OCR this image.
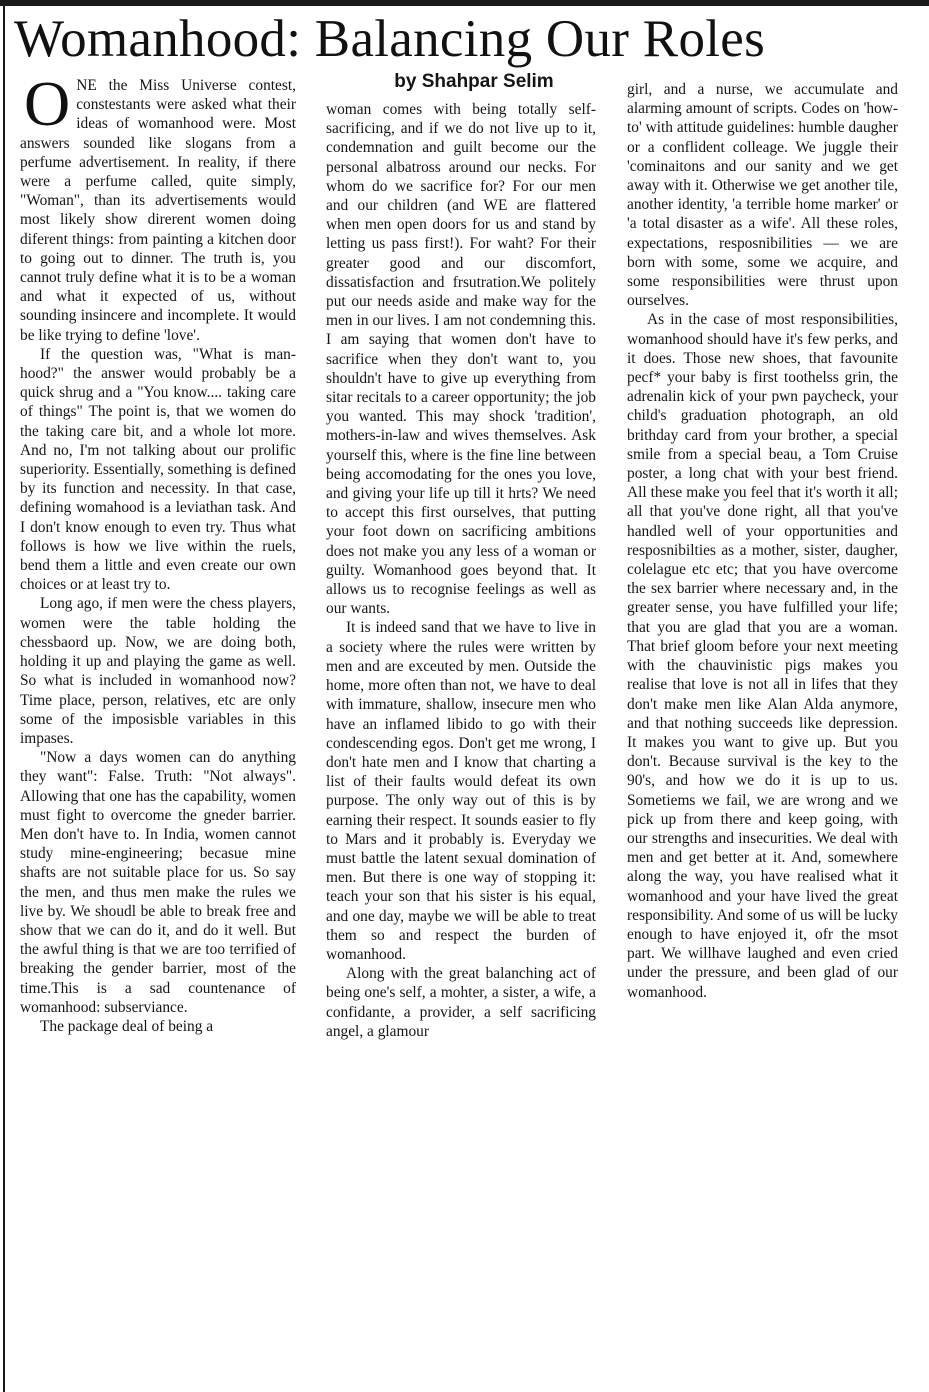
Womanhood: Balancing Our Roles
by Shahpar Selim

ONE the Miss Universe contest, constestants were asked what their ideas of womanhood were. Most answers sounded like slogans from a perfume advertisement. In reality, if there were a perfume called, quite simply, "Woman", than its advertisements would most likely show direrent women doing diferent things: from painting a kitchen door to going out to dinner. The truth is, you cannot truly define what it is to be a woman and what it expected of us, without sounding insincere and incomplete. It would be like trying to define 'love'.

If the question was, "What is man-hood?" the answer would probably be a quick shrug and a "You know.... taking care of things" The point is, that we women do the taking care bit, and a whole lot more. And no, I'm not talking about our prolific superiority. Essentially, something is defined by its function and necessity. In that case, defining womahood is a leviathan task. And I don't know enough to even try. Thus what follows is how we live within the ruels, bend them a little and even create our own choices or at least try to.

Long ago, if men were the chess players, women were the table holding the chessbaord up. Now, we are doing both, holding it up and playing the game as well. So what is included in womanhood now? Time place, person, relatives, etc are only some of the imposisble variables in this impases.

"Now a days women can do anything they want": False. Truth: "Not always". Allowing that one has the capability, women must fight to overcome the gneder barrier. Men don't have to. In India, women cannot study mine-engineering; becasue mine shafts are not suitable place for us. So say the men, and thus men make the rules we live by. We shoudl be able to break free and show that we can do it, and do it well. But the awful thing is that we are too terrified of breaking the gender barrier, most of the time.This is a sad countenance of womanhood: subserviance.

The package deal of being a

woman comes with being totally self-sacrificing, and if we do not live up to it, condemnation and guilt become our the personal albatross around our necks. For whom do we sacrifice for? For our men and our children (and WE are flattered when men open doors for us and stand by letting us pass first!). For waht? For their greater good and our discomfort, dissatisfaction and frsutration.We politely put our needs aside and make way for the men in our lives. I am not condemning this. I am saying that women don't have to sacrifice when they don't want to, you shouldn't have to give up everything from sitar recitals to a career opportunity; the job you wanted. This may shock 'tradition', mothers-in-law and wives themselves. Ask yourself this, where is the fine line between being accomodating for the ones you love, and giving your life up till it hrts? We need to accept this first ourselves, that putting your foot down on sacrificing ambitions does not make you any less of a woman or guilty. Womanhood goes beyond that. It allows us to recognise feelings as well as our wants.

It is indeed sand that we have to live in a society where the rules were written by men and are exceuted by men. Outside the home, more often than not, we have to deal with immature, shallow, insecure men who have an inflamed libido to go with their condescending egos. Don't get me wrong, I don't hate men and I know that charting a list of their faults would defeat its own purpose. The only way out of this is by earning their respect. It sounds easier to fly to Mars and it probably is. Everyday we must battle the latent sexual domination of men. But there is one way of stopping it: teach your son that his sister is his equal, and one day, maybe we will be able to treat them so and respect the burden of womanhood.

Along with the great balanching act of being one's self, a mohter, a sister, a wife, a confidante, a provider, a self sacrificing angel, a glamour

girl, and a nurse, we accumulate and alarming amount of scripts. Codes on 'how-to' with attitude guidelines: humble daugher or a conflident colleage. We juggle their 'cominaitons and our sanity and we get away with it. Otherwise we get another tile, another identity, 'a terrible home marker' or 'a total disaster as a wife'. All these roles, expectations, resposnibilities — we are born with some, some we acquire, and some responsibilities were thrust upon ourselves.

As in the case of most responsibilities, womanhood should have it's few perks, and it does. Those new shoes, that favounite pecf* your baby is first toothelss grin, the adrenalin kick of your pwn paycheck, your child's graduation photograph, an old brithday card from your brother, a special smile from a special beau, a Tom Cruise poster, a long chat with your best friend. All these make you feel that it's worth it all; all that you've done right, all that you've handled well of your opportunities and resposnibilties as a mother, sister, daugher, colelague etc etc; that you have overcome the sex barrier where necessary and, in the greater sense, you have fulfilled your life; that you are glad that you are a woman. That brief gloom before your next meeting with the chauvinistic pigs makes you realise that love is not all in lifes that they don't make men like Alan Alda anymore, and that nothing succeeds like depression. It makes you want to give up. But you don't. Because survival is the key to the 90's, and how we do it is up to us. Sometiems we fail, we are wrong and we pick up from there and keep going, with our strengths and insecurities. We deal with men and get better at it. And, somewhere along the way, you have realised what it womanhood and your have lived the great responsibility. And some of us will be lucky enough to have enjoyed it, ofr the msot part. We willhave laughed and even cried under the pressure, and been glad of our womanhood.
